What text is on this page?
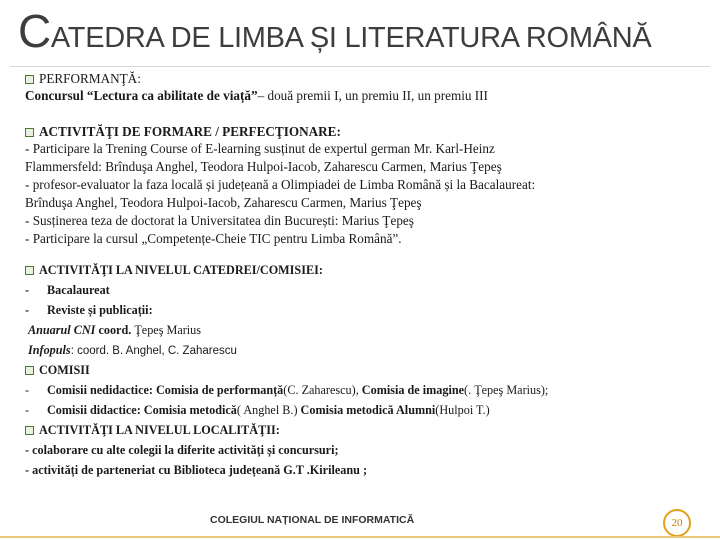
CATEDRA DE LIMBA ȘI LITERATURA ROMÂNĂ
PERFORMANŢĂ:
Concursul “Lectura ca abilitate de viață”– două premii I, un premiu II, un premiu III
ACTIVITĂŢI DE FORMARE / PERFECŢIONARE:
- Participare la Trening Course of E-learning susținut de expertul german Mr. Karl-Heinz
Flammersfeld: Brînduşa Anghel, Teodora Hulpoi-Iacob, Zaharescu Carmen, Marius Ţepeş
- profesor-evaluator la faza locală și județeană a Olimpiadei de Limba Română și la Bacalaureat:
Brînduşa Anghel, Teodora Hulpoi-Iacob, Zaharescu Carmen, Marius Ţepeş
- Susținerea teza de doctorat la Universitatea din București: Marius Ţepeş
- Participare la cursul „Competențe-Cheie TIC pentru Limba Română”.
ACTIVITĂŢI LA NIVELUL CATEDREI/COMISIEI:
- Bacalaureat
- Reviste și publicații:
Anuarul CNI coord. Ţepeş Marius
Infopuls: coord. B. Anghel, C. Zaharescu
COMISII
- Comisii nedidactice: Comisia de performanță(C. Zaharescu), Comisia de imagine(. Ţepeş Marius);
- Comisii didactice: Comisia metodică( Anghel B.) Comisia metodică Alumni(Hulpoi T.)
ACTIVITĂŢI LA NIVELUL LOCALITĂŢII:
- colaborare cu alte colegii la diferite activități și concursuri;
- activități de parteneriat cu Biblioteca județeană G.T .Kirileanu ;
COLEGIUL NAȚIONAL DE INFORMATICĂ	20
